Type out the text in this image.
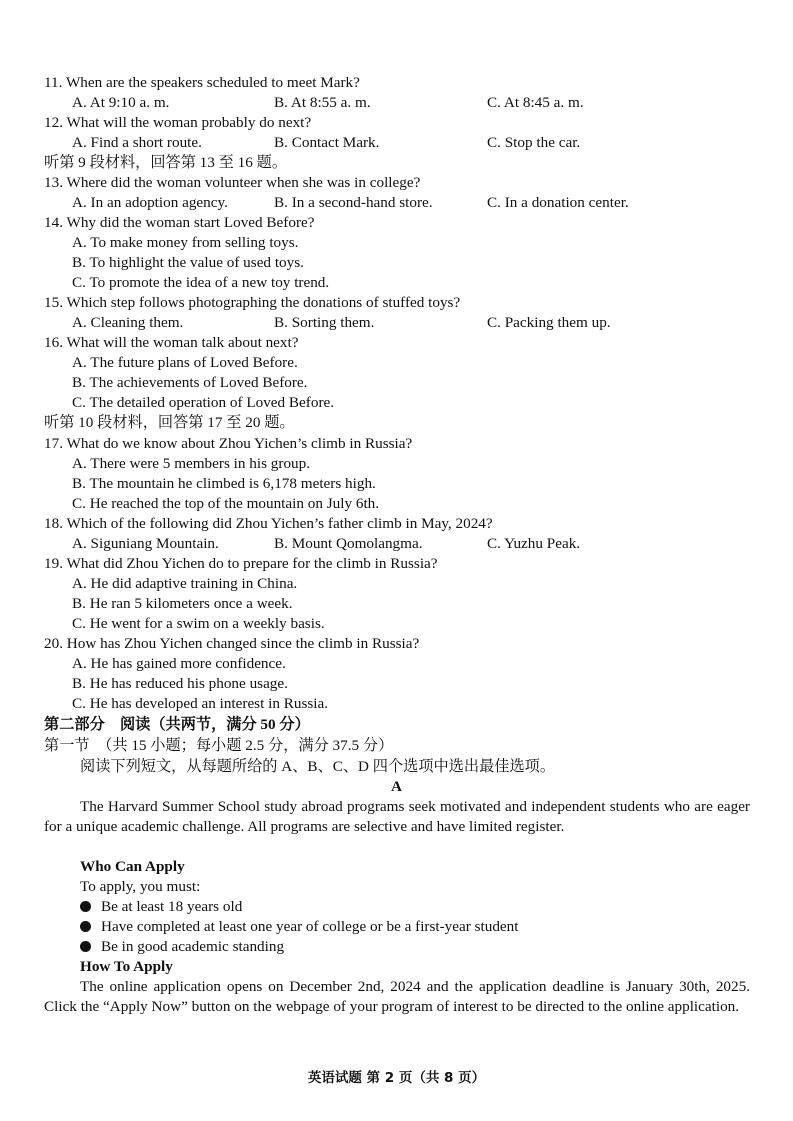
11. When are the speakers scheduled to meet Mark?
A. At 9:10 a. m.	B. At 8:55 a. m.	C. At 8:45 a. m.
12. What will the woman probably do next?
A. Find a short route.	B. Contact Mark.	C. Stop the car.
听第 9 段材料，回答第 13 至 16 题。
13. Where did the woman volunteer when she was in college?
A. In an adoption agency.	B. In a second-hand store.	C. In a donation center.
14. Why did the woman start Loved Before?
A. To make money from selling toys.
B. To highlight the value of used toys.
C. To promote the idea of a new toy trend.
15. Which step follows photographing the donations of stuffed toys?
A. Cleaning them.	B. Sorting them.	C. Packing them up.
16. What will the woman talk about next?
A. The future plans of Loved Before.
B. The achievements of Loved Before.
C. The detailed operation of Loved Before.
听第 10 段材料，回答第 17 至 20 题。
17. What do we know about Zhou Yichen’s climb in Russia?
A. There were 5 members in his group.
B. The mountain he climbed is 6,178 meters high.
C. He reached the top of the mountain on July 6th.
18. Which of the following did Zhou Yichen’s father climb in May, 2024?
A. Siguniang Mountain.	B. Mount Qomolangma.	C. Yuzhu Peak.
19. What did Zhou Yichen do to prepare for the climb in Russia?
A. He did adaptive training in China.
B. He ran 5 kilometers once a week.
C. He went for a swim on a weekly basis.
20. How has Zhou Yichen changed since the climb in Russia?
A. He has gained more confidence.
B. He has reduced his phone usage.
C. He has developed an interest in Russia.
第二部分　阅读（共两节，满分 50 分）
第一节　（共 15 小题；每小题 2.5 分，满分 37.5 分）
阅读下列短文，从每题所给的 A、B、C、D 四个选项中选出最佳选项。
A
The Harvard Summer School study abroad programs seek motivated and independent students who are eager for a unique academic challenge. All programs are selective and have limited register.
Who Can Apply
To apply, you must:
Be at least 18 years old
Have completed at least one year of college or be a first-year student
Be in good academic standing
How To Apply
The online application opens on December 2nd, 2024 and the application deadline is January 30th, 2025. Click the “Apply Now” button on the webpage of your program of interest to be directed to the online application.
英语试题 第 2 页（共 8 页）
